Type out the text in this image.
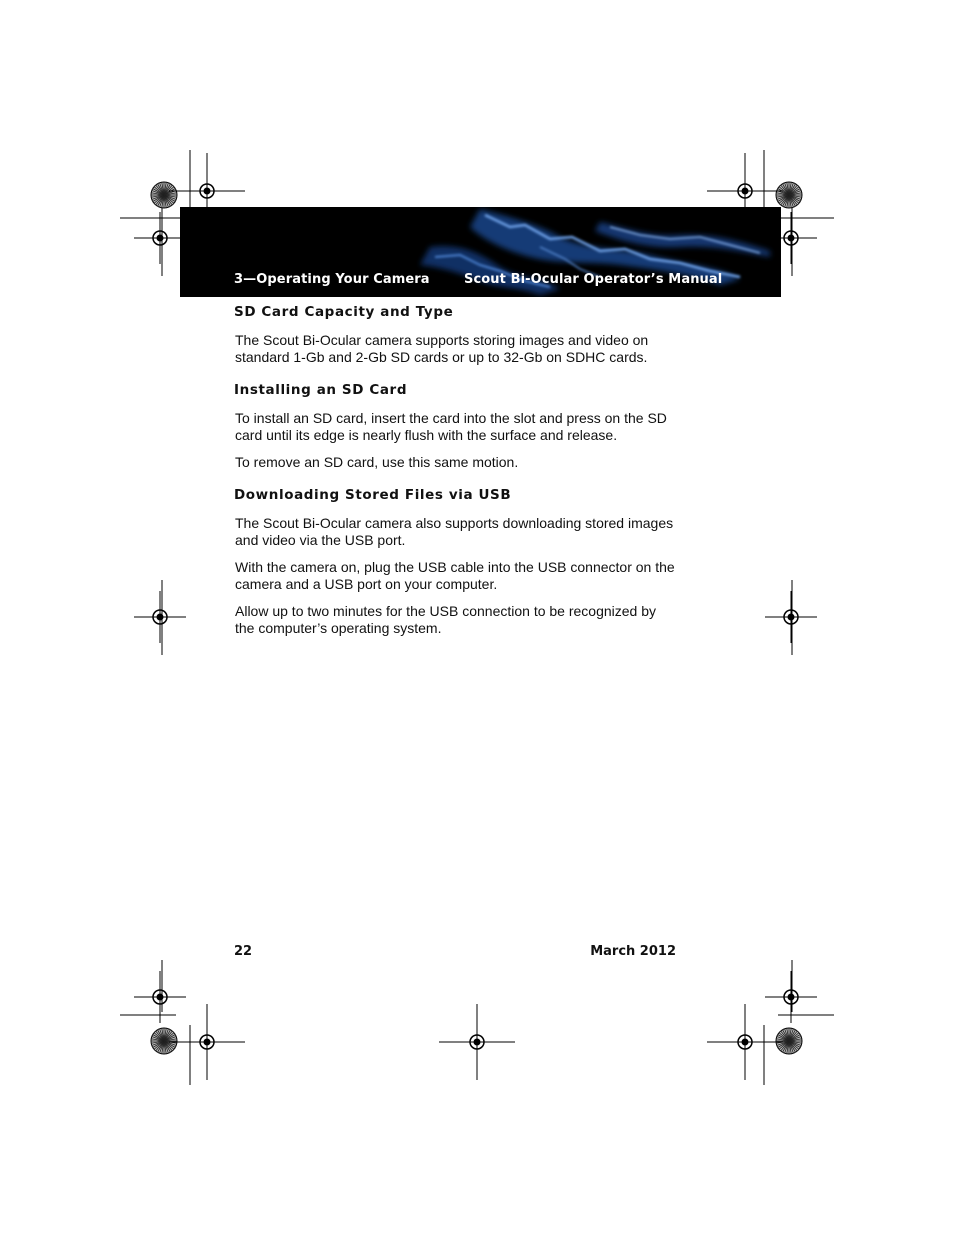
3—Operating Your Camera	Scout Bi-Ocular Operator’s Manual
SD Card Capacity and Type

The Scout Bi-Ocular camera supports storing images and video on standard 1-Gb and 2-Gb SD cards or up to 32-Gb on SDHC cards.

Installing an SD Card

To install an SD card, insert the card into the slot and press on the SD card until its edge is nearly flush with the surface and release.

To remove an SD card, use this same motion.

Downloading Stored Files via USB

The Scout Bi-Ocular camera also supports downloading stored images and video via the USB port.

With the camera on, plug the USB cable into the USB connector on the camera and a USB port on your computer.

Allow up to two minutes for the USB connection to be recognized by the computer’s operating system.

22	March 2012
